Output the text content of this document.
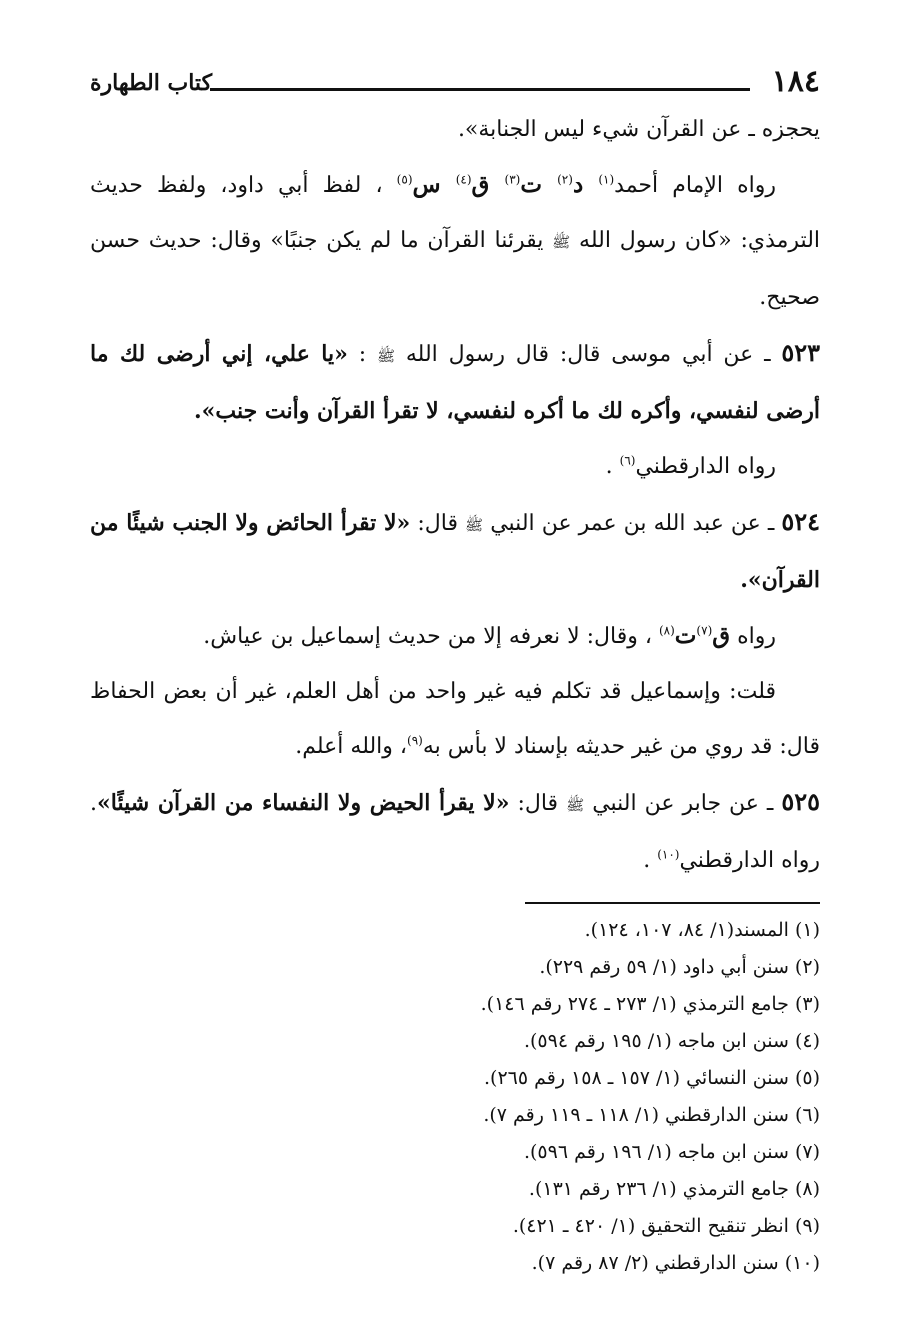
١٨٤
كتاب الطهارة

يحجزه ـ عن القرآن شيء ليس الجنابة».

رواه الإمام أحمد$^{(١)}$ د$^{(٢)}$ ت$^{(٣)}$ ق$^{(٤)}$ س$^{(٥)}$ ، لفظ أبي داود، ولفظ حديث الترمذي: «كان رسول الله ﷺ يقرئنا القرآن ما لم يكن جنبًا» وقال: حديث حسن صحيح.

٥٢٣ ـ عن أبي موسى قال: قال رسول الله ﷺ : «يا علي، إني أرضى لك ما أرضى لنفسي، وأكره لك ما أكره لنفسي، لا تقرأ القرآن وأنت جنب».

رواه الدارقطني$^{(٦)}$ .

٥٢٤ ـ عن عبد الله بن عمر عن النبي ﷺ قال: «لا تقرأ الحائض ولا الجنب شيئًا من القرآن».

رواه ق$^{(٧)}$ت$^{(٨)}$ ، وقال: لا نعرفه إلا من حديث إسماعيل بن عياش.

قلت: وإسماعيل قد تكلم فيه غير واحد من أهل العلم، غير أن بعض الحفاظ قال: قد روي من غير حديثه بإسناد لا بأس به$^{(٩)}$، والله أعلم.

٥٢٥ ـ عن جابر عن النبي ﷺ قال: «لا يقرأ الحيض ولا النفساء من القرآن شيئًا». رواه الدارقطني$^{(١٠)}$ .

(١) المسند(١/ ٨٤، ١٠٧، ١٢٤).

(٢) سنن أبي داود (١/ ٥٩ رقم ٢٢٩).

(٣) جامع الترمذي (١/ ٢٧٣ ـ ٢٧٤ رقم ١٤٦).

(٤) سنن ابن ماجه (١/ ١٩٥ رقم ٥٩٤).

(٥) سنن النسائي (١/ ١٥٧ ـ ١٥٨ رقم ٢٦٥).

(٦) سنن الدارقطني (١/ ١١٨ ـ ١١٩ رقم ٧).

(٧) سنن ابن ماجه (١/ ١٩٦ رقم ٥٩٦).

(٨) جامع الترمذي (١/ ٢٣٦ رقم ١٣١).

(٩) انظر تنقيح التحقيق (١/ ٤٢٠ ـ ٤٢١).

(١٠) سنن الدارقطني (٢/ ٨٧ رقم ٧).
